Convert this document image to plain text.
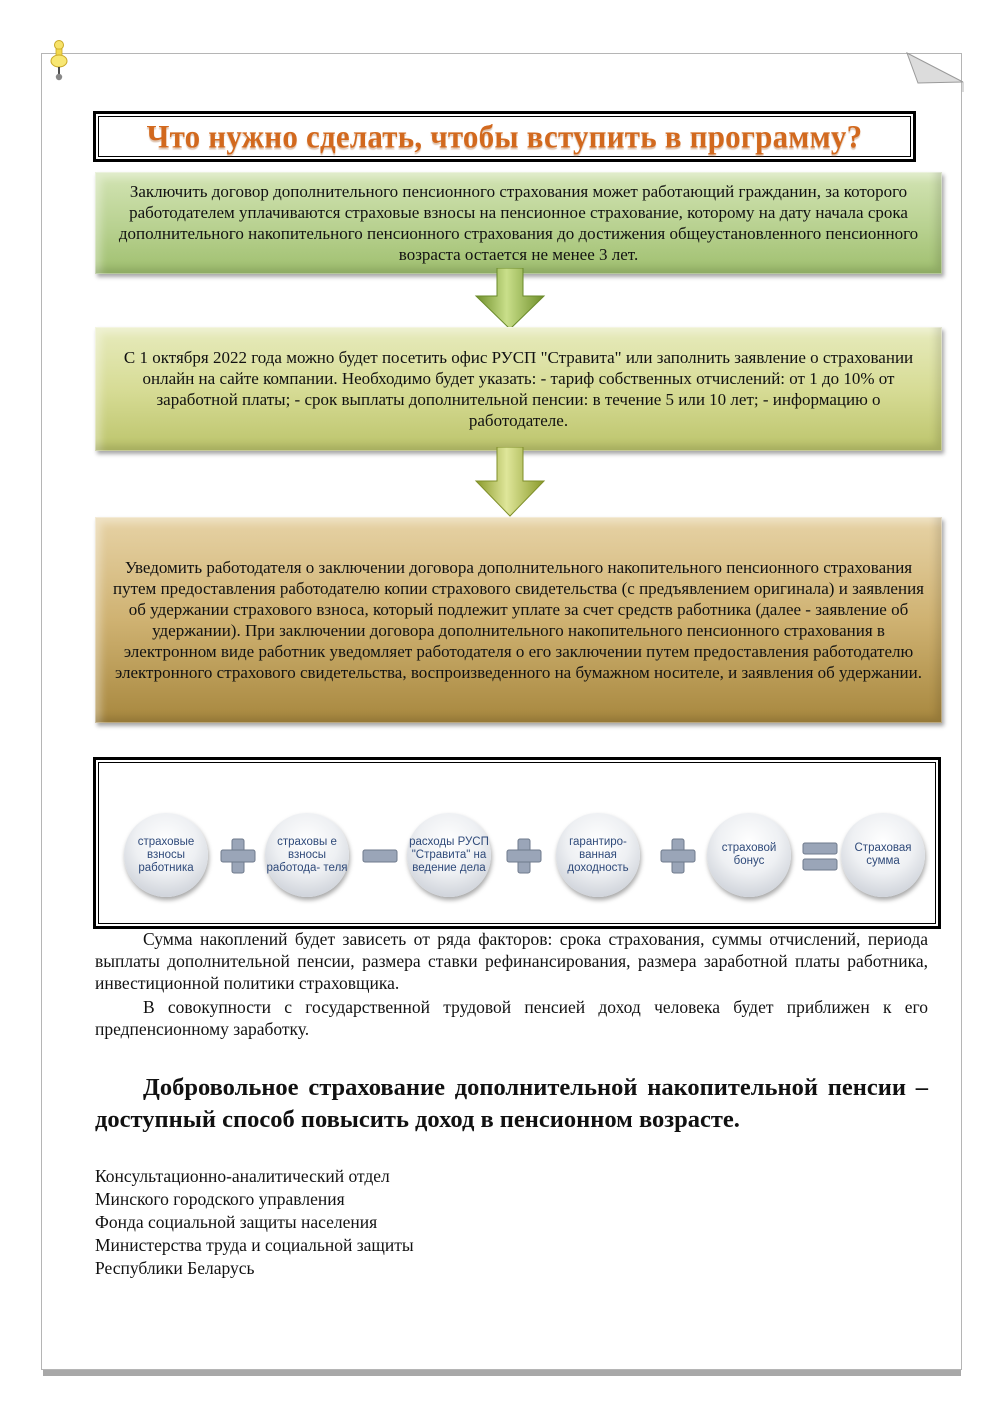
Что нужно сделать, чтобы вступить в программу?
Заключить договор дополнительного пенсионного страхования может работающий гражданин, за которого работодателем уплачиваются страховые взносы на пенсионное страхование, которому на дату начала срока дополнительного накопительного пенсионного страхования до достижения общеустановленного пенсионного возраста остается не менее 3 лет.
С 1 октября 2022 года можно будет посетить офис РУСП "Стравита" или заполнить заявление о страховании онлайн на сайте компании. Необходимо будет указать: - тариф собственных отчислений: от 1 до 10% от заработной платы; - срок выплаты дополнительной пенсии: в течение 5 или 10 лет; - информацию о работодателе.
Уведомить работодателя о заключении договора дополнительного накопительного пенсионного страхования путем предоставления работодателю копии страхового свидетельства (с предъявлением оригинала) и заявления об удержании страхового взноса, который подлежит уплате за счет средств работника (далее - заявление об удержании). При заключении договора дополнительного накопительного пенсионного страхования в электронном виде работник уведомляет работодателя о его заключении путем предоставления работодателю электронного страхового свидетельства, воспроизведенного на бумажном носителе, и заявления об удержании.
страховые взносы работника
страховы е взносы работода- теля
расходы РУСП "Стравита" на ведение дела
гарантиро- ванная доходность
страховой бонус
Страховая сумма
Сумма накоплений будет зависеть от ряда факторов: срока страхования, суммы отчислений, периода выплаты дополнительной пенсии, размера ставки рефинансирования, размера заработной платы работника, инвестиционной политики страховщика.
В совокупности с государственной трудовой пенсией доход человека будет приближен к его предпенсионному заработку.
Добровольное страхование дополнительной накопительной пенсии – доступный способ повысить доход в пенсионном возрасте.
Консультационно-аналитический отдел
Минского городского управления
Фонда социальной защиты населения
Министерства труда и социальной защиты
Республики Беларусь
